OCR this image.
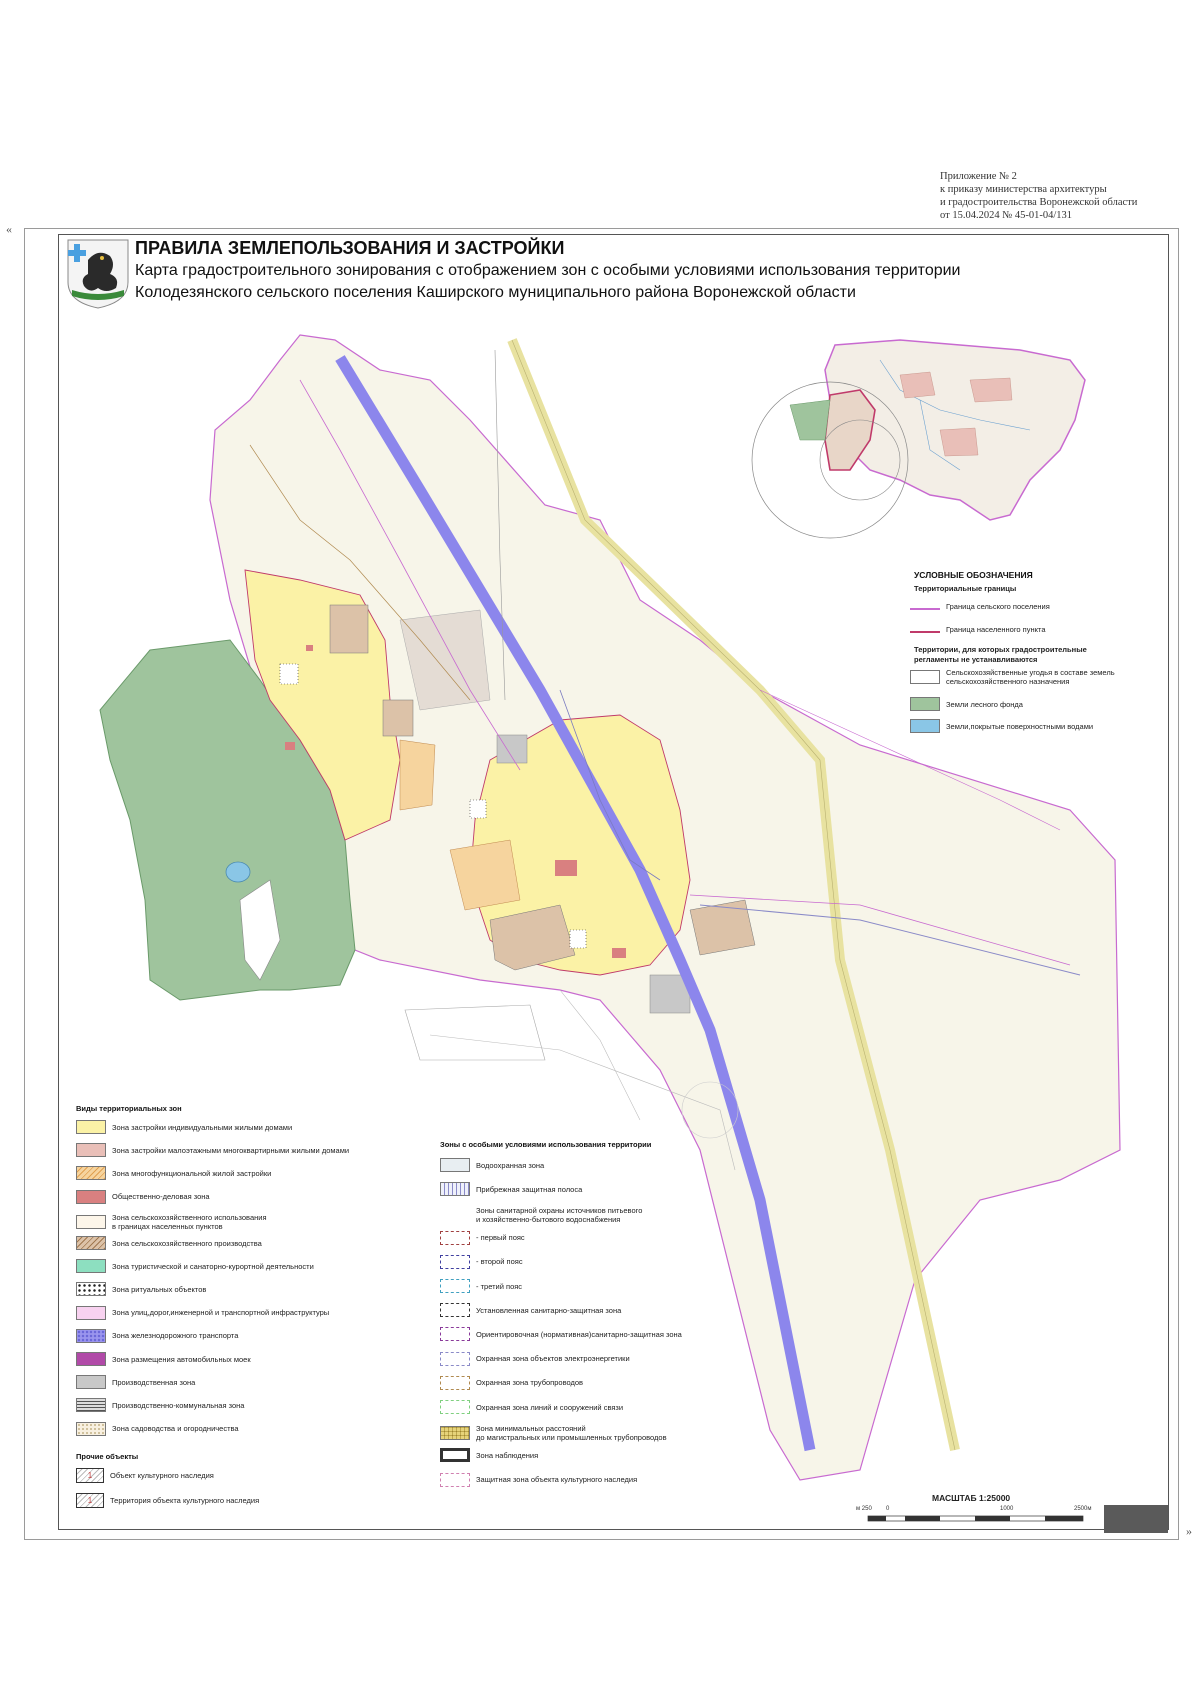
Приложение № 2
к приказу министерства архитектуры
и градостроительства Воронежской области
от 15.04.2024 № 45-01-04/131
«
»
ПРАВИЛА ЗЕМЛЕПОЛЬЗОВАНИЯ И ЗАСТРОЙКИ
Карта градостроительного зонирования с отображением зон с особыми условиями использования территории
Колодезянского сельского поселения Каширского муниципального района Воронежской области
УСЛОВНЫЕ ОБОЗНАЧЕНИЯ
Территориальные границы
Граница сельского поселения
Граница населенного пункта
Территории, для которых градостроительные
регламенты не устанавливаются
Сельскохозяйственные угодья в составе земель
сельскохозяйственного назначения
Земли лесного фонда
Земли,покрытые поверхностными водами
Виды территориальных зон
Зона застройки индивидуальными жилыми домами
Зона застройки малоэтажными многоквартирными жилыми домами
Зона многофункциональной жилой застройки
Общественно-деловая зона
Зона сельскохозяйственного использования
в границах населенных пунктов
Зона сельскохозяйственного производства
Зона туристической и санаторно-курортной деятельности
Зона ритуальных объектов
Зона улиц,дорог,инженерной и транспортной инфраструктуры
Зона железнодорожного транспорта
Зона размещения автомобильных моек
Производственная зона
Производственно-коммунальная зона
Зона садоводства и огородничества
Прочие объекты
1	Объект культурного наследия
1	Территория объекта культурного наследия
Зоны с особыми условиями использования территории
Водоохранная зона
Прибрежная защитная полоса
Зоны санитарной охраны источников питьевого
и хозяйственно-бытового водоснабжения
- первый пояс
- второй пояс
- третий пояс
Установленная санитарно-защитная зона
Ориентировочная (нормативная)санитарно-защитная зона
Охранная зона объектов электроэнергетики
Охранная зона трубопроводов
Охранная зона линий и сооружений связи
Зона минимальных расстояний
до магистральных или промышленных трубопроводов
Зона наблюдения
Защитная зона объекта культурного наследия
МАСШТАБ 1:25000
м 250 0	1000	2500м
